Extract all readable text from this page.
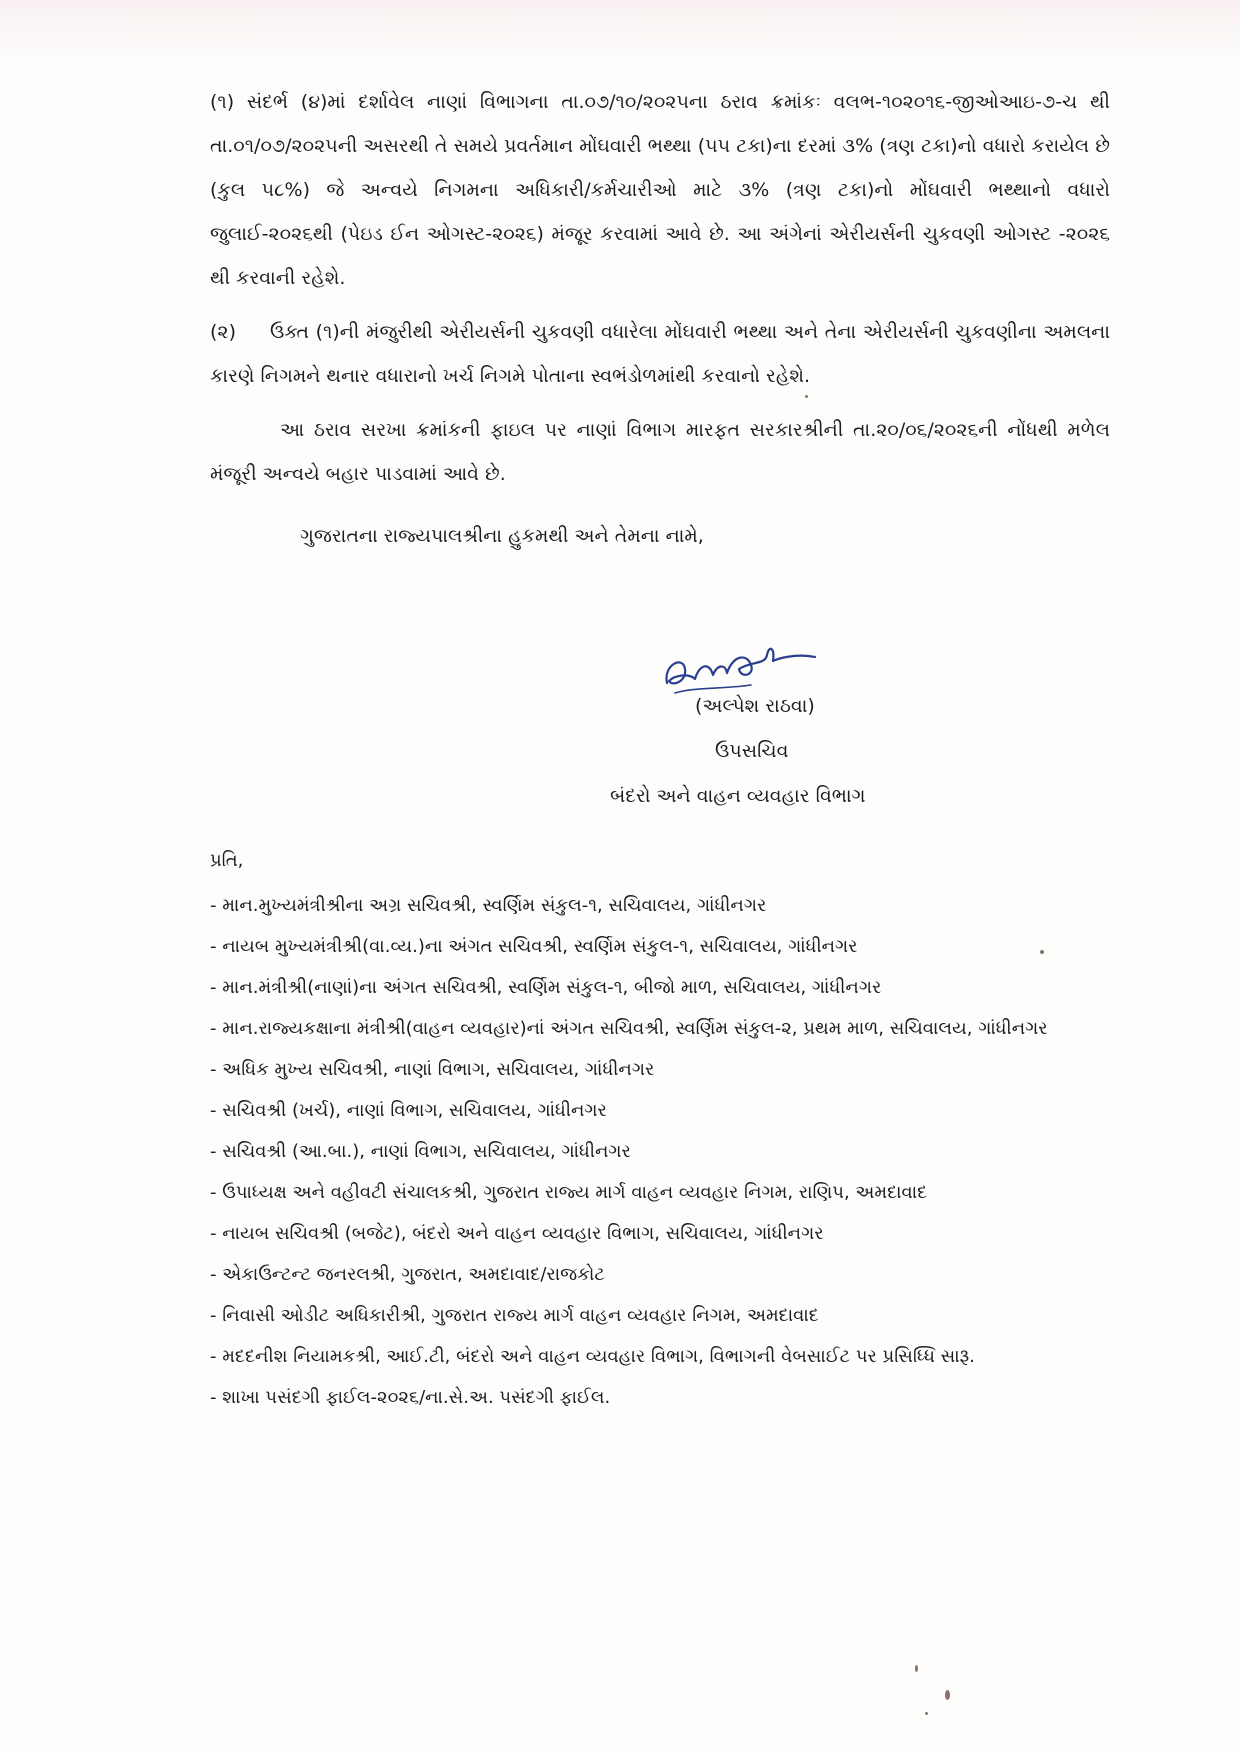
(૧) સંદર્ભ (૪)માં દર્શાવેલ નાણાં વિભાગના તા.૦૭/૧૦/૨૦૨૫ના ઠરાવ ક્રમાંકઃ વલભ-૧૦૨૦૧૬-જીઓઆઇ-૭-ચ થી તા.૦૧/૦૭/૨૦૨૫ની અસરથી તે સમયે પ્રવર્તમાન મોંઘવારી ભથ્થા (૫૫ ટકા)ના દરમાં ૩% (ત્રણ ટકા)નો વધારો કરાયેલ છે (કુલ ૫૮%) જે અન્વયે નિગમના અધિકારી/કર્મચારીઓ માટે ૩% (ત્રણ ટકા)નો મોંઘવારી ભથ્થાનો વધારો જુલાઈ-૨૦૨૬થી (પેઇડ ઈન ઓગસ્ટ-૨૦૨૬) મંજૂર કરવામાં આવે છે. આ અંગેનાં એરીયર્સની ચુકવણી ઓગસ્ટ -૨૦૨૬ થી કરવાની રહેશે.

(૨) ઉક્ત (૧)ની મંજુરીથી એરીયર્સની ચુકવણી વધારેલા મોંઘવારી ભથ્થા અને તેના એરીયર્સની ચુકવણીના અમલના કારણે નિગમને થનાર વધારાનો ખર્ચ નિગમે પોતાના સ્વભંડોળમાંથી કરવાનો રહેશે.

આ ઠરાવ સરખા ક્રમાંકની ફાઇલ પર નાણાં વિભાગ મારફત સરકારશ્રીની તા.૨૦/૦૬/૨૦૨૬ની નોંધથી મળેલ મંજૂરી અન્વયે બહાર પાડવામાં આવે છે.

ગુજરાતના રાજ્યપાલશ્રીના હુકમથી અને તેમના નામે,

(અલ્પેશ રાઠવા)
ઉપસચિવ
બંદરો અને વાહન વ્યવહાર વિભાગ

પ્રતિ,

- માન.મુખ્યમંત્રીશ્રીના અગ્ર સચિવશ્રી, સ્વર્ણિમ સંકુલ-૧, સચિવાલય, ગાંધીનગર
- નાયબ મુખ્યમંત્રીશ્રી(વા.વ્ય.)ના અંગત સચિવશ્રી, સ્વર્ણિમ સંકુલ-૧, સચિવાલય, ગાંધીનગર
- માન.મંત્રીશ્રી(નાણાં)ના અંગત સચિવશ્રી, સ્વર્ણિમ સંકુલ-૧, બીજો માળ, સચિવાલય, ગાંધીનગર
- માન.રાજ્યકક્ષાના મંત્રીશ્રી(વાહન વ્યવહાર)નાં અંગત સચિવશ્રી, સ્વર્ણિમ સંકુલ-૨, પ્રથમ માળ, સચિવાલય, ગાંધીનગર
- અધિક મુખ્ય સચિવશ્રી, નાણાં વિભાગ, સચિવાલય, ગાંધીનગર
- સચિવશ્રી (ખર્ચ), નાણાં વિભાગ, સચિવાલય, ગાંધીનગર
- સચિવશ્રી (આ.બા.), નાણાં વિભાગ, સચિવાલય, ગાંધીનગર
- ઉપાધ્યક્ષ અને વહીવટી સંચાલકશ્રી, ગુજરાત રાજ્ય માર્ગ વાહન વ્યવહાર નિગમ, રાણિપ, અમદાવાદ
- નાયબ સચિવશ્રી (બજેટ), બંદરો અને વાહન વ્યવહાર વિભાગ, સચિવાલય, ગાંધીનગર
- એકાઉન્ટન્ટ જનરલશ્રી, ગુજરાત, અમદાવાદ/રાજકોટ
- નિવાસી ઓડીટ અધિકારીશ્રી, ગુજરાત રાજ્ય માર્ગ વાહન વ્યવહાર નિગમ, અમદાવાદ
- મદદનીશ નિયામકશ્રી, આઈ.ટી, બંદરો અને વાહન વ્યવહાર વિભાગ, વિભાગની વેબસાઈટ પર પ્રસિધ્ધિ સારૂ.
- શાખા પસંદગી ફાઈલ-૨૦૨૬/ના.સે.અ. પસંદગી ફાઈલ.
